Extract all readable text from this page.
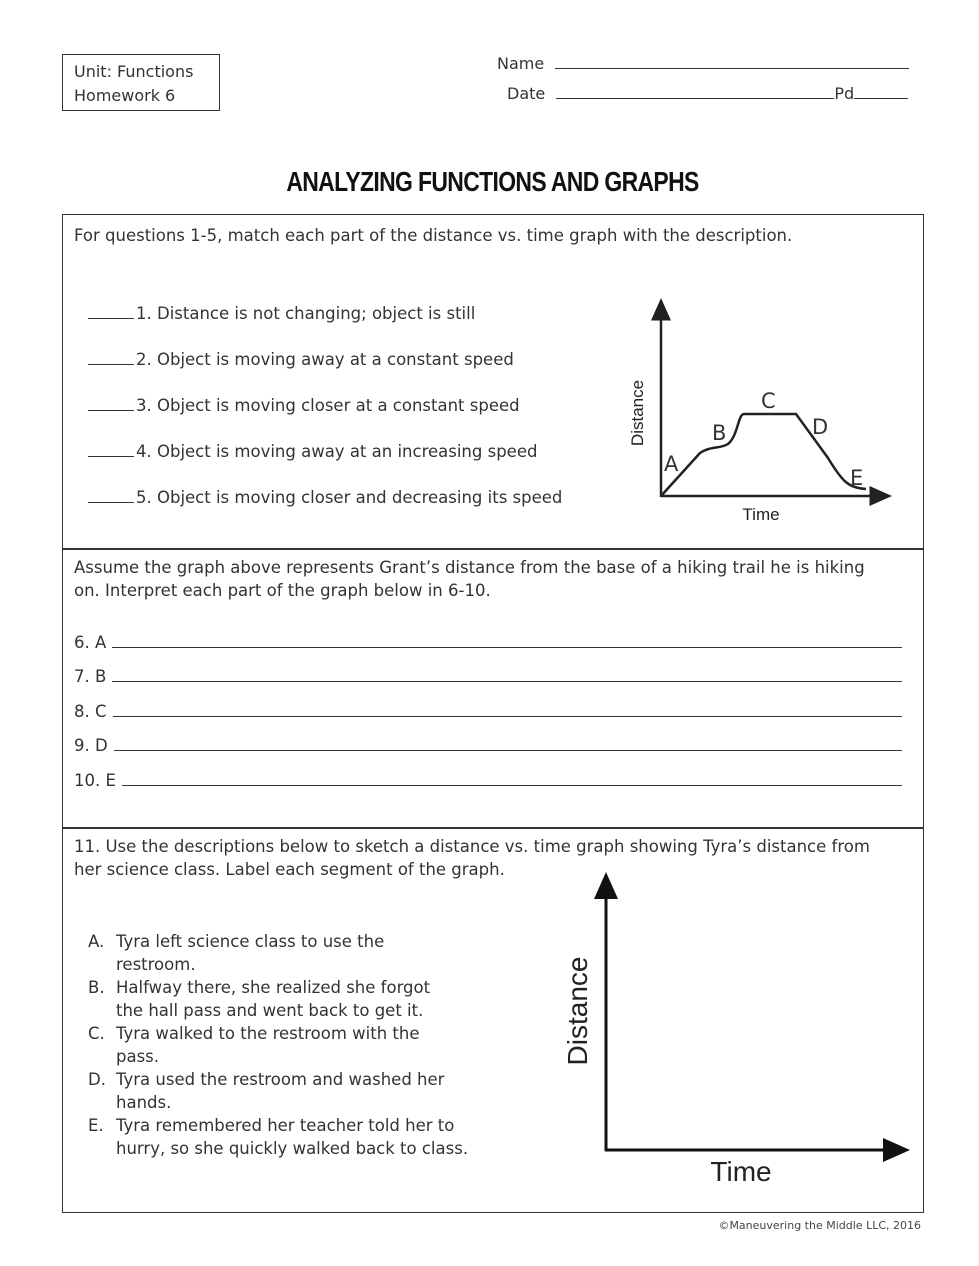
Unit: Functions
Homework 6
Name
Date	Pd
ANALYZING FUNCTIONS AND GRAPHS
For questions 1-5, match each part of the distance vs. time graph with the description.
1. Distance is not changing; object is still
2. Object is moving away at a constant speed
3. Object is moving closer at a constant speed
4. Object is moving away at an increasing speed
5. Object is moving closer and decreasing its speed
Distance
Time
A
B
C
D
E
Assume the graph above represents Grant’s distance from the base of a hiking trail he is hiking
on. Interpret each part of the graph below in 6-10.
6. A
7. B
8. C
9. D
10. E
11. Use the descriptions below to sketch a distance vs. time graph showing Tyra’s distance from
her science class. Label each segment of the graph.
A. Tyra left science class to use the
restroom.
B. Halfway there, she realized she forgot
the hall pass and went back to get it.
C. Tyra walked to the restroom with the
pass.
D. Tyra used the restroom and washed her
hands.
E. Tyra remembered her teacher told her to
hurry, so she quickly walked back to class.
Distance
Time
©Maneuvering the Middle LLC, 2016
